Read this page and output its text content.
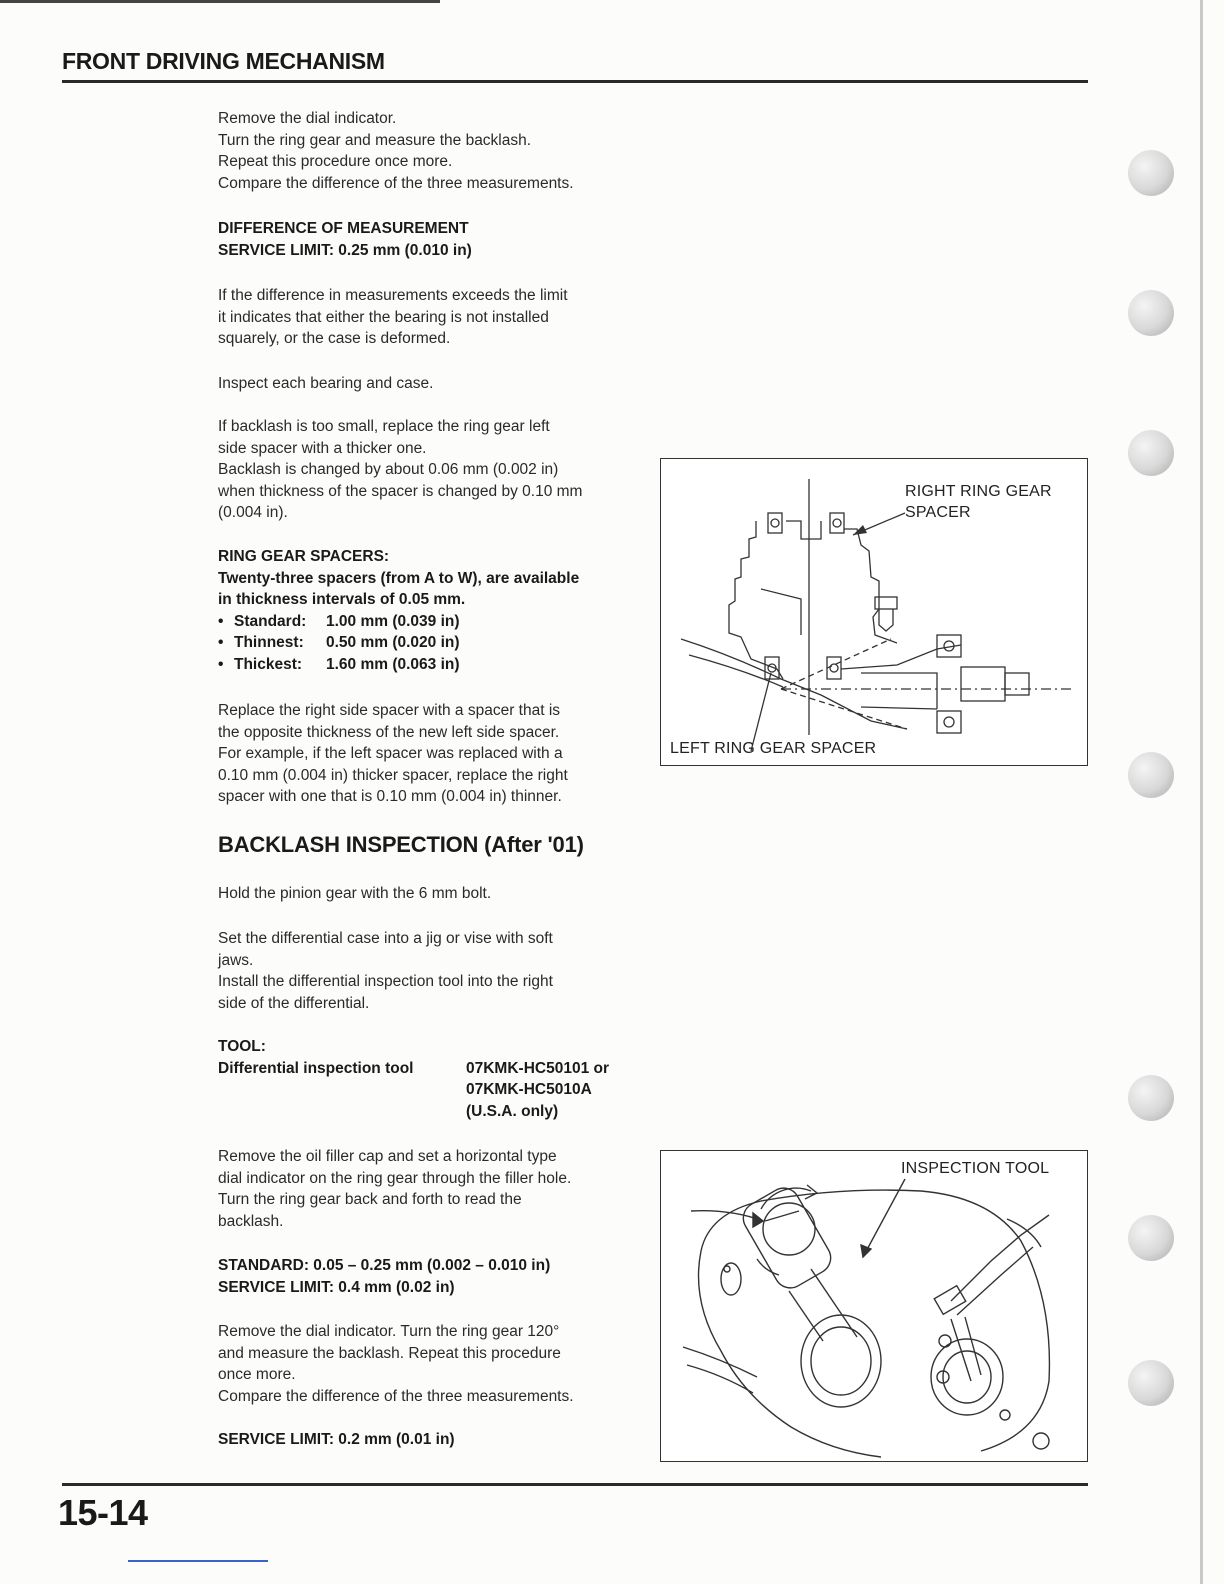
FRONT DRIVING MECHANISM

Remove the dial indicator.

Turn the ring gear and measure the backlash.

Repeat this procedure once more.

Compare the difference of the three measurements.

DIFFERENCE OF MEASUREMENT

SERVICE LIMIT: 0.25 mm (0.010 in)

If the difference in measurements exceeds the limit

it indicates that either the bearing is not installed

squarely, or the case is deformed.

Inspect each bearing and case.

If backlash is too small, replace the ring gear left

side spacer with a thicker one.

Backlash is changed by about 0.06 mm (0.002 in)

when thickness of the spacer is changed by 0.10 mm

(0.004 in).

RING GEAR SPACERS:

Twenty-three spacers (from A to W), are available

in thickness intervals of 0.05 mm.

• Standard: 1.00 mm (0.039 in)
• Thinnest: 0.50 mm (0.020 in)
• Thickest: 1.60 mm (0.063 in)

Replace the right side spacer with a spacer that is

the opposite thickness of the new left side spacer.

For example, if the left spacer was replaced with a

0.10 mm (0.004 in) thicker spacer, replace the right

spacer with one that is 0.10 mm (0.004 in) thinner.

BACKLASH INSPECTION (After '01)

Hold the pinion gear with the 6 mm bolt.

Set the differential case into a jig or vise with soft

jaws.

Install the differential inspection tool into the right

side of the differential.

TOOL:

Differential inspection tool	07KMK-HC50101 or
07KMK-HC5010A
(U.S.A. only)

Remove the oil filler cap and set a horizontal type

dial indicator on the ring gear through the filler hole.

Turn the ring gear back and forth to read the

backlash.

STANDARD: 0.05 – 0.25 mm (0.002 – 0.010 in)

SERVICE LIMIT: 0.4 mm (0.02 in)

Remove the dial indicator. Turn the ring gear 120°

and measure the backlash. Repeat this procedure

once more.

Compare the difference of the three measurements.

SERVICE LIMIT: 0.2 mm (0.01 in)

RIGHT RING GEAR
SPACER
LEFT RING GEAR SPACER
INSPECTION TOOL
15-14
